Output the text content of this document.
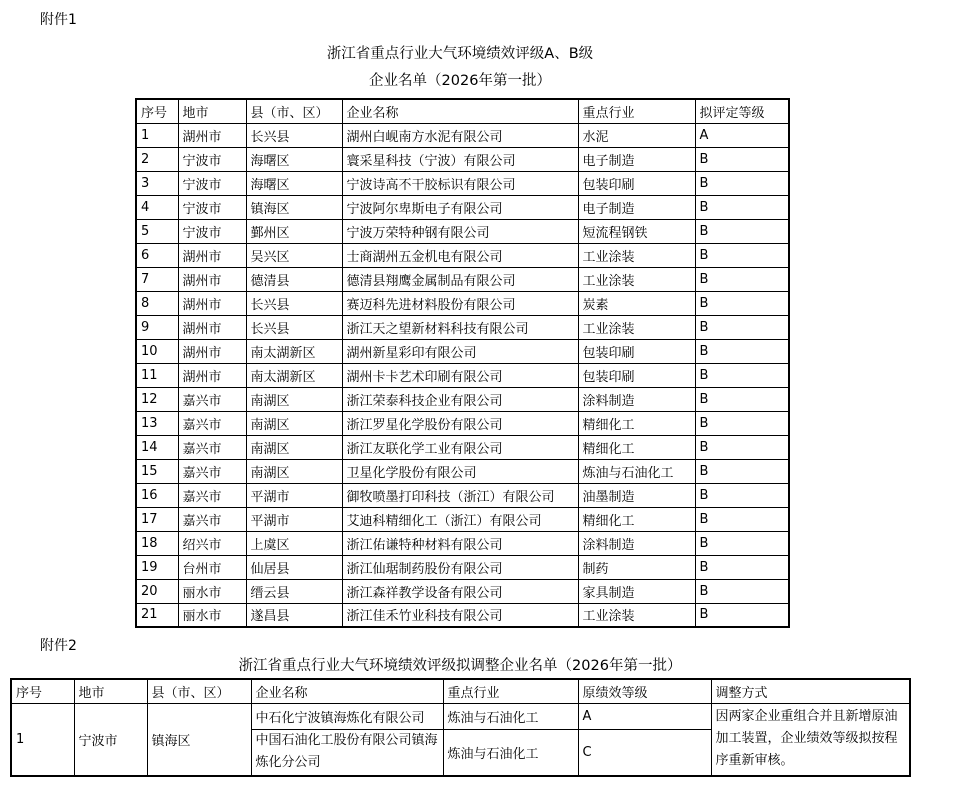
附件1
浙江省重点行业大气环境绩效评级A、B级
企业名单（2026年第一批）
序号	地市	县（市、区）	企业名称	重点行业	拟评定等级
1	湖州市	长兴县	湖州白岘南方水泥有限公司	水泥	A
2	宁波市	海曙区	寰采星科技（宁波）有限公司	电子制造	B
3	宁波市	海曙区	宁波诗高不干胶标识有限公司	包装印刷	B
4	宁波市	镇海区	宁波阿尔卑斯电子有限公司	电子制造	B
5	宁波市	鄞州区	宁波万荣特种钢有限公司	短流程钢铁	B
6	湖州市	吴兴区	士商湖州五金机电有限公司	工业涂装	B
7	湖州市	德清县	德清县翔鹰金属制品有限公司	工业涂装	B
8	湖州市	长兴县	赛迈科先进材料股份有限公司	炭素	B
9	湖州市	长兴县	浙江天之望新材料科技有限公司	工业涂装	B
10	湖州市	南太湖新区	湖州新星彩印有限公司	包装印刷	B
11	湖州市	南太湖新区	湖州卡卡艺术印刷有限公司	包装印刷	B
12	嘉兴市	南湖区	浙江荣泰科技企业有限公司	涂料制造	B
13	嘉兴市	南湖区	浙江罗星化学股份有限公司	精细化工	B
14	嘉兴市	南湖区	浙江友联化学工业有限公司	精细化工	B
15	嘉兴市	南湖区	卫星化学股份有限公司	炼油与石油化工	B
16	嘉兴市	平湖市	御牧喷墨打印科技（浙江）有限公司	油墨制造	B
17	嘉兴市	平湖市	艾迪科精细化工（浙江）有限公司	精细化工	B
18	绍兴市	上虞区	浙江佑谦特种材料有限公司	涂料制造	B
19	台州市	仙居县	浙江仙琚制药股份有限公司	制药	B
20	丽水市	缙云县	浙江森祥教学设备有限公司	家具制造	B
21	丽水市	遂昌县	浙江佳禾竹业科技有限公司	工业涂装	B
附件2
浙江省重点行业大气环境绩效评级拟调整企业名单（2026年第一批）
序号	地市	县（市、区）	企业名称	重点行业	原绩效等级	调整方式
1	宁波市	镇海区	中石化宁波镇海炼化有限公司	炼油与石油化工	A	因两家企业重组合并且新增原油加工装置，企业绩效等级拟按程序重新审核。
			中国石油化工股份有限公司镇海炼化分公司	炼油与石油化工	C	
